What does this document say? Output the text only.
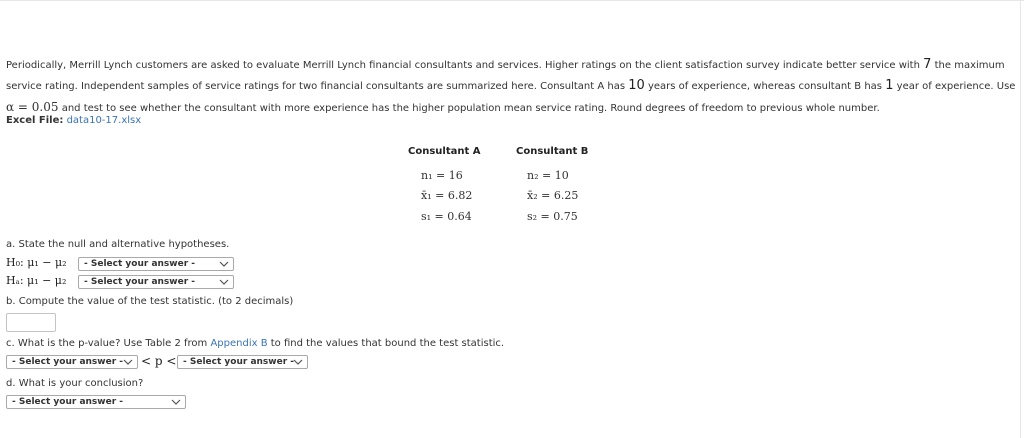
Periodically, Merrill Lynch customers are asked to evaluate Merrill Lynch financial consultants and services. Higher ratings on the client satisfaction survey indicate better service with 7 the maximum service rating. Independent samples of service ratings for two financial consultants are summarized here. Consultant A has 10 years of experience, whereas consultant B has 1 year of experience. Use α = 0.05 and test to see whether the consultant with more experience has the higher population mean service rating. Round degrees of freedom to previous whole number.
Excel File: data10-17.xlsx
Consultant A	Consultant B
n₁ = 16	n₂ = 10
x̄₁ = 6.82	x̄₂ = 6.25
s₁ = 0.64	s₂ = 0.75
a. State the null and alternative hypotheses.
H₀: μ₁ − μ₂	- Select your answer -
Hₐ: μ₁ − μ₂	- Select your answer -
b. Compute the value of the test statistic. (to 2 decimals)
c. What is the p-value? Use Table 2 from Appendix B to find the values that bound the test statistic.
- Select your answer -	< p < - Select your answer -
d. What is your conclusion?
- Select your answer -
